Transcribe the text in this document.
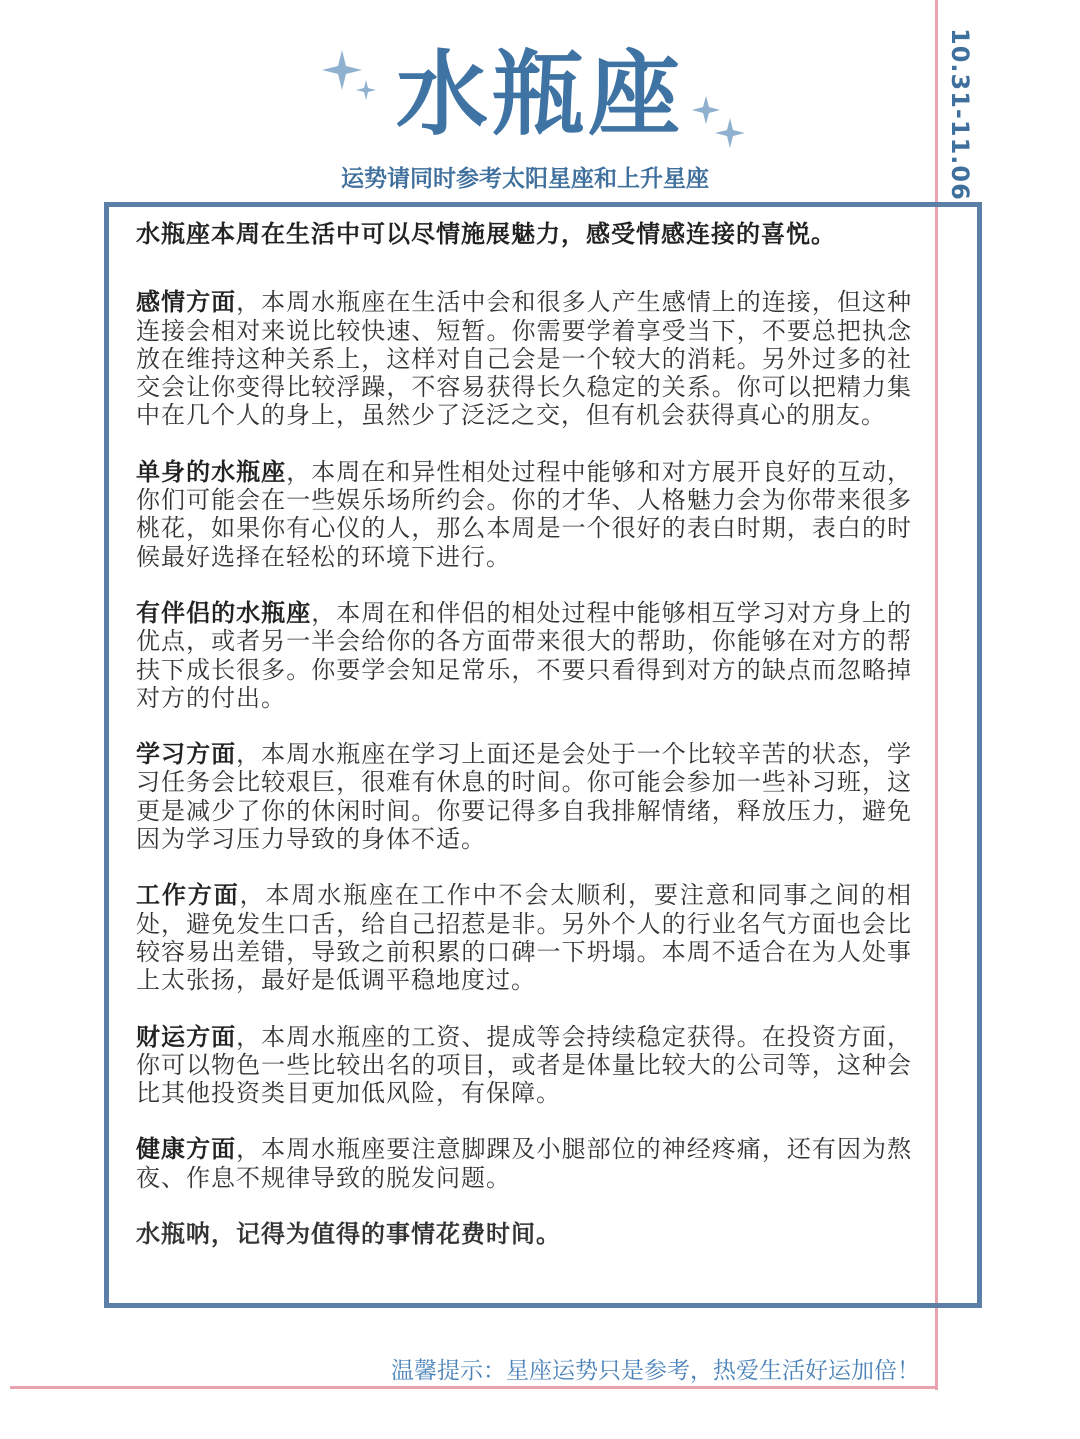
10.31-11.06
水瓶座
运势请同时参考太阳星座和上升星座

水瓶座本周在生活中可以尽情施展魅力，感受情感连接的喜悦。

感情方面，本周水瓶座在生活中会和很多人产生感情上的连接，但这种连接会相对来说比较快速、短暂。你需要学着享受当下，不要总把执念放在维持这种关系上，这样对自己会是一个较大的消耗。另外过多的社交会让你变得比较浮躁，不容易获得长久稳定的关系。你可以把精力集中在几个人的身上，虽然少了泛泛之交，但有机会获得真心的朋友。

单身的水瓶座，本周在和异性相处过程中能够和对方展开良好的互动，你们可能会在一些娱乐场所约会。你的才华、人格魅力会为你带来很多桃花，如果你有心仪的人，那么本周是一个很好的表白时期，表白的时候最好选择在轻松的环境下进行。

有伴侣的水瓶座，本周在和伴侣的相处过程中能够相互学习对方身上的优点，或者另一半会给你的各方面带来很大的帮助，你能够在对方的帮扶下成长很多。你要学会知足常乐，不要只看得到对方的缺点而忽略掉对方的付出。

学习方面，本周水瓶座在学习上面还是会处于一个比较辛苦的状态，学习任务会比较艰巨，很难有休息的时间。你可能会参加一些补习班，这更是减少了你的休闲时间。你要记得多自我排解情绪，释放压力，避免因为学习压力导致的身体不适。

工作方面，本周水瓶座在工作中不会太顺利，要注意和同事之间的相处，避免发生口舌，给自己招惹是非。另外个人的行业名气方面也会比较容易出差错，导致之前积累的口碑一下坍塌。本周不适合在为人处事上太张扬，最好是低调平稳地度过。

财运方面，本周水瓶座的工资、提成等会持续稳定获得。在投资方面，你可以物色一些比较出名的项目，或者是体量比较大的公司等，这种会比其他投资类目更加低风险，有保障。

健康方面，本周水瓶座要注意脚踝及小腿部位的神经疼痛，还有因为熬夜、作息不规律导致的脱发问题。

水瓶呐，记得为值得的事情花费时间。

温馨提示：星座运势只是参考，热爱生活好运加倍！
